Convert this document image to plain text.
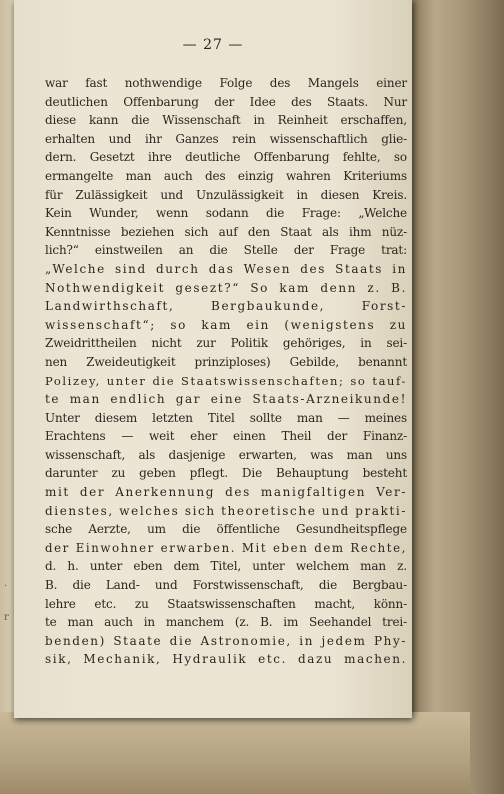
.
r
— 27 —
war fast nothwendige Folge des Mangels einer
deutlichen Offenbarung der Idee des Staats. Nur
diese kann die Wissenschaft in Reinheit erschaffen,
erhalten und ihr Ganzes rein wissenschaftlich glie-
dern. Gesetzt ihre deutliche Offenbarung fehlte, so
ermangelte man auch des einzig wahren Kriteriums
für Zulässigkeit und Unzulässigkeit in diesen Kreis.
Kein Wunder, wenn sodann die Frage: „Welche
Kenntnisse beziehen sich auf den Staat als ihm nüz-
lich?“ einstweilen an die Stelle der Frage trat:
„Welche sind durch das Wesen des Staats in
Nothwendigkeit gesezt?“ So kam denn z. B.
Landwirthschaft, Bergbaukunde, Forst-
wissenschaft“; so kam ein (wenigstens zu
Zweidrittheilen nicht zur Politik gehöriges, in sei-
nen Zweideutigkeit prinziploses) Gebilde, benannt
Polizey, unter die Staatswissenschaften; so tauf-
te man endlich gar eine Staats-Arzneikunde!
Unter diesem letzten Titel sollte man — meines
Erachtens — weit eher einen Theil der Finanz-
wissenschaft, als dasjenige erwarten, was man uns
darunter zu geben pflegt. Die Behauptung besteht
mit der Anerkennung des manigfaltigen Ver-
dienstes, welches sich theoretische und prakti-
sche Aerzte, um die öffentliche Gesundheitspflege
der Einwohner erwarben. Mit eben dem Rechte,
d. h. unter eben dem Titel, unter welchem man z.
B. die Land- und Forstwissenschaft, die Bergbau-
lehre etc. zu Staatswissenschaften macht, könn-
te man auch in manchem (z. B. im Seehandel trei-
benden) Staate die Astronomie, in jedem Phy-
sik, Mechanik, Hydraulik etc. dazu machen.
